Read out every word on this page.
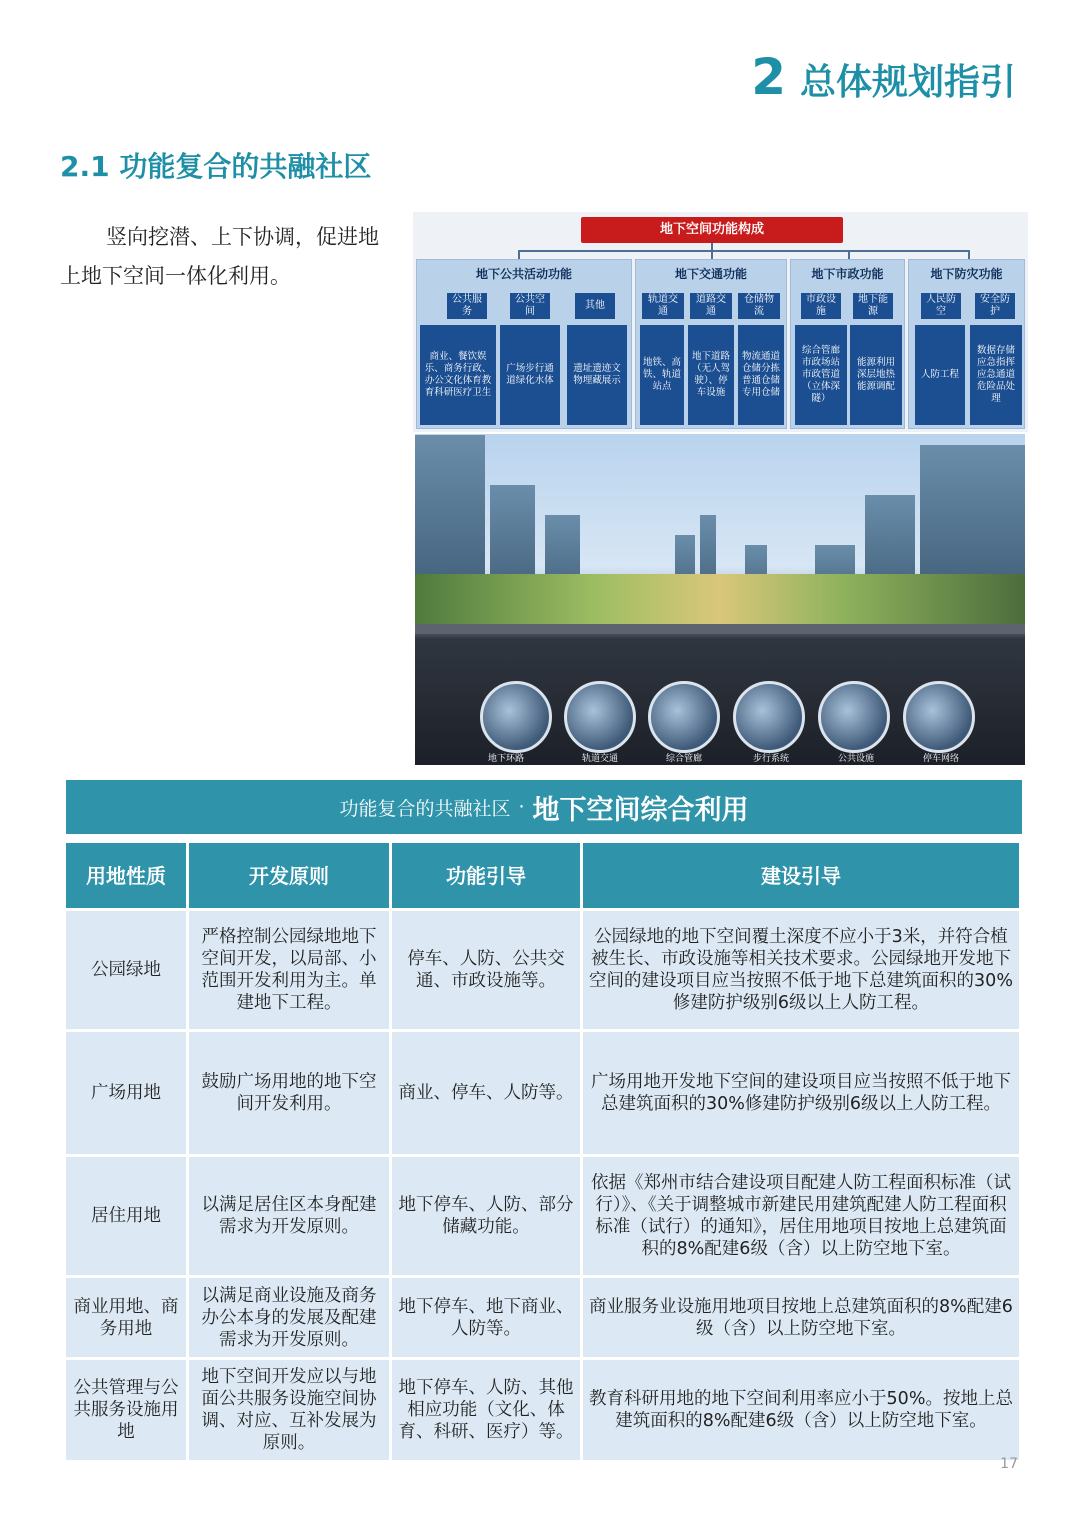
2 总体规划指引
2.1 功能复合的共融社区
竖向挖潜、上下协调，促进地上地下空间一体化利用。
地下空间功能构成
地下公共活动功能
公共服务
公共空间
其他
商业、餐饮娱乐、商务行政、办公文化体育教育科研医疗卫生
广场步行通道绿化水体
遗址遗迹文物埋藏展示
地下交通功能
轨道交通
道路交通
仓储物流
地铁、高铁、轨道站点
地下道路（无人驾驶）、停车设施
物流通道仓储分拣普通仓储专用仓储
地下市政功能
市政设施
地下能源
综合管廊市政场站市政管道（立体深隧）
能源利用深层地热能源调配
地下防灾功能
人民防空
安全防护
人防工程
数据存储应急指挥应急通道危险品处理
地下环路	轨道交通	综合管廊	步行系统	公共设施	停车网络
功能复合的共融社区 · 地下空间综合利用
用地性质	开发原则	功能引导	建设引导
公园绿地	严格控制公园绿地地下空间开发，以局部、小范围开发利用为主。单建地下工程。	停车、人防、公共交通、市政设施等。	公园绿地的地下空间覆土深度不应小于3米，并符合植被生长、市政设施等相关技术要求。公园绿地开发地下空间的建设项目应当按照不低于地下总建筑面积的30%修建防护级别6级以上人防工程。
广场用地	鼓励广场用地的地下空间开发利用。	商业、停车、人防等。	广场用地开发地下空间的建设项目应当按照不低于地下总建筑面积的30%修建防护级别6级以上人防工程。
居住用地	以满足居住区本身配建需求为开发原则。	地下停车、人防、部分储藏功能。	依据《郑州市结合建设项目配建人防工程面积标准（试行）》、《关于调整城市新建民用建筑配建人防工程面积标准（试行）的通知》，居住用地项目按地上总建筑面积的8%配建6级（含）以上防空地下室。
商业用地、商务用地	以满足商业设施及商务办公本身的发展及配建需求为开发原则。	地下停车、地下商业、人防等。	商业服务业设施用地项目按地上总建筑面积的8%配建6级（含）以上防空地下室。
公共管理与公共服务设施用地	地下空间开发应以与地面公共服务设施空间协调、对应、互补发展为原则。	地下停车、人防、其他相应功能（文化、体育、科研、医疗）等。	教育科研用地的地下空间利用率应小于50%。按地上总建筑面积的8%配建6级（含）以上防空地下室。
17
